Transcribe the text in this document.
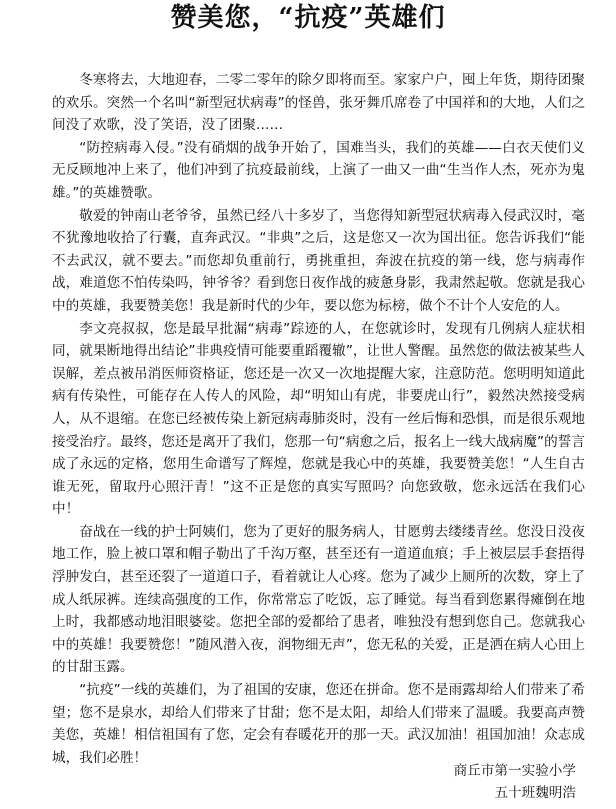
赞美您，“抗疫”英雄们

冬寒将去，大地迎春，二零二零年的除夕即将而至。家家户户，囤上年货，期待团聚的欢乐。突然一个名叫“新型冠状病毒”的怪兽，张牙舞爪席卷了中国祥和的大地，人们之间没了欢歌，没了笑语，没了团聚……

“防控病毒入侵。”没有硝烟的战争开始了，国难当头，我们的英雄——白衣天使们义无反顾地冲上来了，他们冲到了抗疫最前线，上演了一曲又一曲“生当作人杰，死亦为鬼雄。”的英雄赞歌。

敬爱的钟南山老爷爷，虽然已经八十多岁了，当您得知新型冠状病毒入侵武汉时，毫不犹豫地收拾了行囊，直奔武汉。“非典”之后，这是您又一次为国出征。您告诉我们“能不去武汉，就不要去。”而您却负重前行，勇挑重担，奔波在抗疫的第一线，您与病毒作战，难道您不怕传染吗，钟爷爷？看到您日夜作战的疲惫身影，我肃然起敬。您就是我心中的英雄，我要赞美您！我是新时代的少年，要以您为标榜，做个不计个人安危的人。

李文亮叔叔，您是最早批漏“病毒”踪迹的人，在您就诊时，发现有几例病人症状相同，就果断地得出结论”非典疫情可能要重蹈覆辙”，让世人警醒。虽然您的做法被某些人误解，差点被吊消医师资格证，您还是一次又一次地提醒大家，注意防范。您明明知道此病有传染性，可能存在人传人的风险，却“明知山有虎，非要虎山行”，毅然决然接受病人，从不退缩。在您已经被传染上新冠病毒肺炎时，没有一丝后悔和恐惧，而是很乐观地接受治疗。最终，您还是离开了我们，您那一句“病愈之后，报名上一线大战病魔”的誓言成了永远的定格，您用生命谱写了辉煌，您就是我心中的英雄，我要赞美您！“人生自古谁无死，留取丹心照汗青！”这不正是您的真实写照吗？向您致敬，您永远活在我们心中！

奋战在一线的护士阿姨们，您为了更好的服务病人，甘愿剪去缕缕青丝。您没日没夜地工作，脸上被口罩和帽子勒出了千沟万壑，甚至还有一道道血痕；手上被层层手套捂得浮肿发白，甚至还裂了一道道口子，看着就让人心疼。您为了减少上厕所的次数，穿上了成人纸尿裤。连续高强度的工作，你常常忘了吃饭，忘了睡觉。每当看到您累得瘫倒在地上时，我都感动地泪眼婆娑。您把全部的爱都给了患者，唯独没有想到您自己。您就我心中的英雄！我要赞您！”随风潜入夜，润物细无声”，您无私的关爱，正是洒在病人心田上的甘甜玉露。

“抗疫”一线的英雄们，为了祖国的安康，您还在拼命。您不是雨露却给人们带来了希望；您不是泉水，却给人们带来了甘甜；您不是太阳，却给人们带来了温暖。我要高声赞美您，英雄！相信祖国有了您，定会有春暖花开的那一天。武汉加油！祖国加油！众志成城，我们必胜！

商丘市第一实验小学
五十班魏明浩
